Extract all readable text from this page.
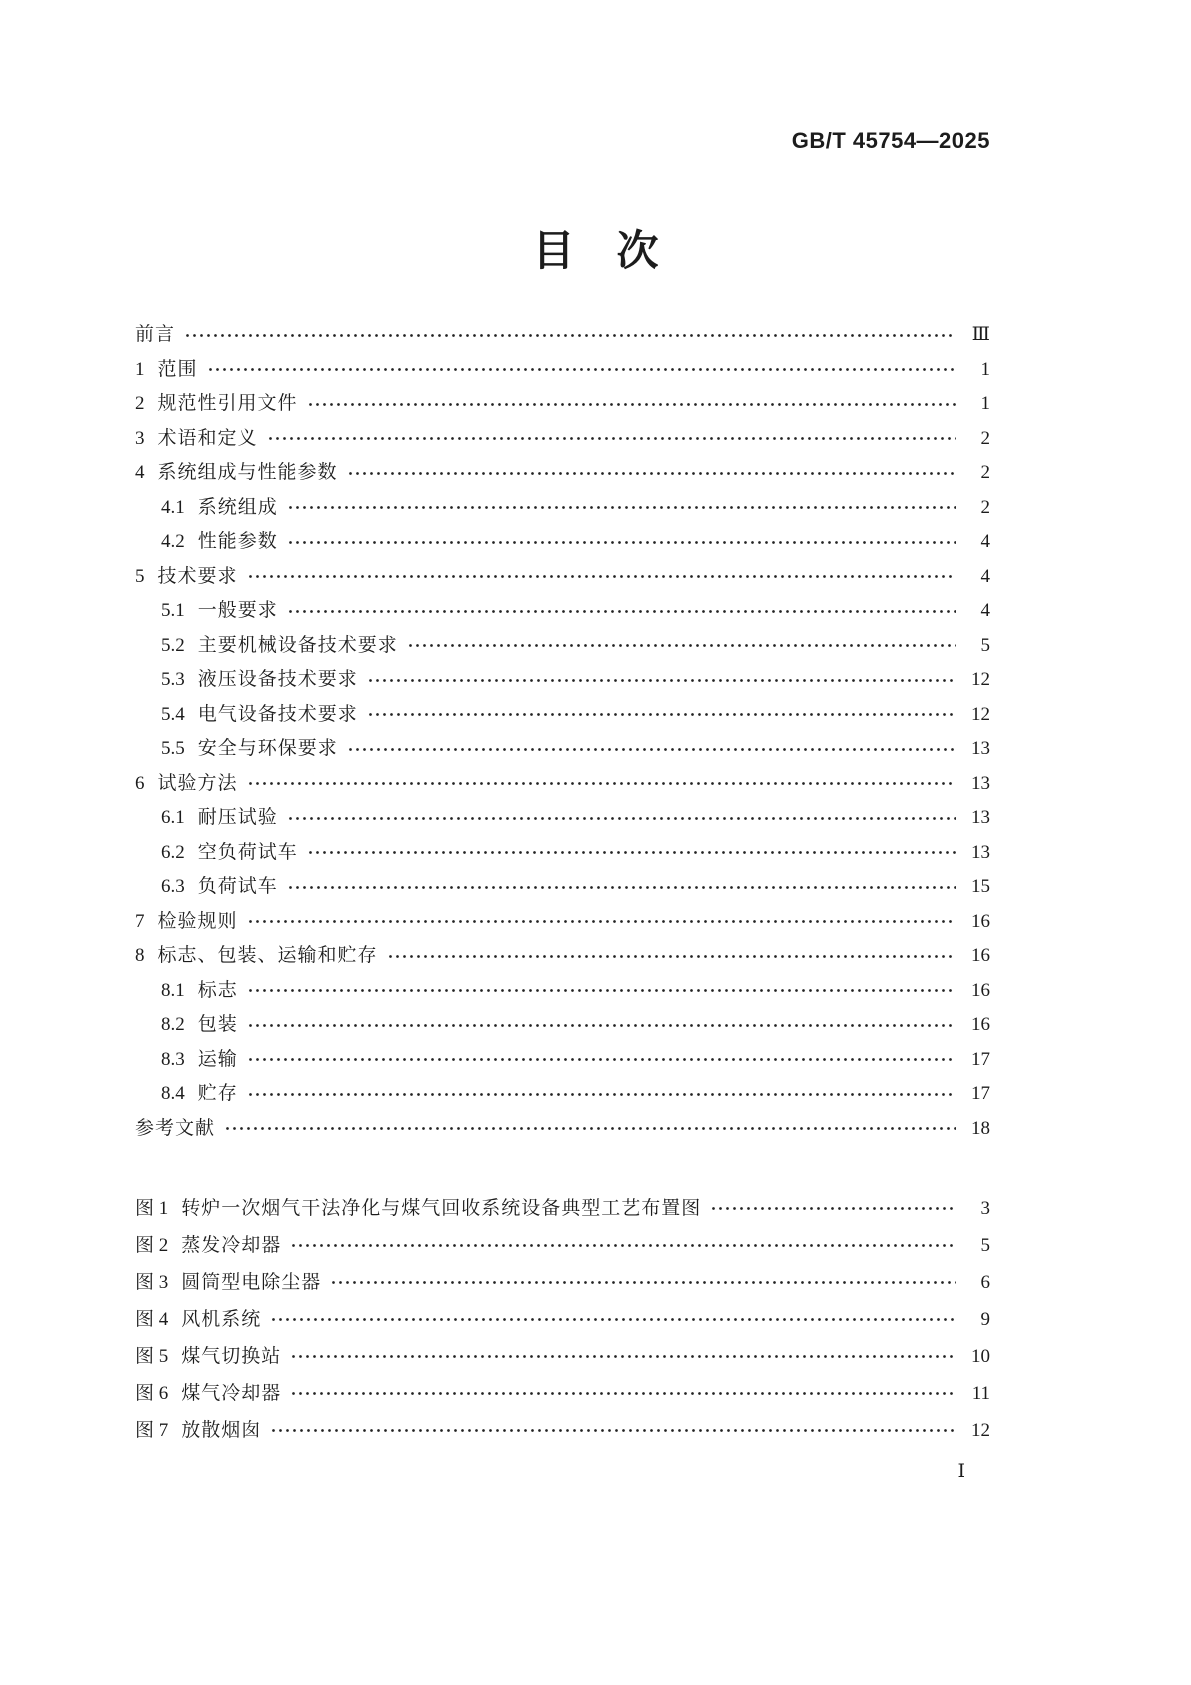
GB/T 45754—2025
目　次
前言	Ⅲ
1 范围	1
2 规范性引用文件	1
3 术语和定义	2
4 系统组成与性能参数	2
4.1 系统组成	2
4.2 性能参数	4
5 技术要求	4
5.1 一般要求	4
5.2 主要机械设备技术要求	5
5.3 液压设备技术要求	12
5.4 电气设备技术要求	12
5.5 安全与环保要求	13
6 试验方法	13
6.1 耐压试验	13
6.2 空负荷试车	13
6.3 负荷试车	15
7 检验规则	16
8 标志、包装、运输和贮存	16
8.1 标志	16
8.2 包装	16
8.3 运输	17
8.4 贮存	17
参考文献	18
图 1 转炉一次烟气干法净化与煤气回收系统设备典型工艺布置图	3
图 2 蒸发冷却器	5
图 3 圆筒型电除尘器	6
图 4 风机系统	9
图 5 煤气切换站	10
图 6 煤气冷却器	11
图 7 放散烟囱	12
Ⅰ
